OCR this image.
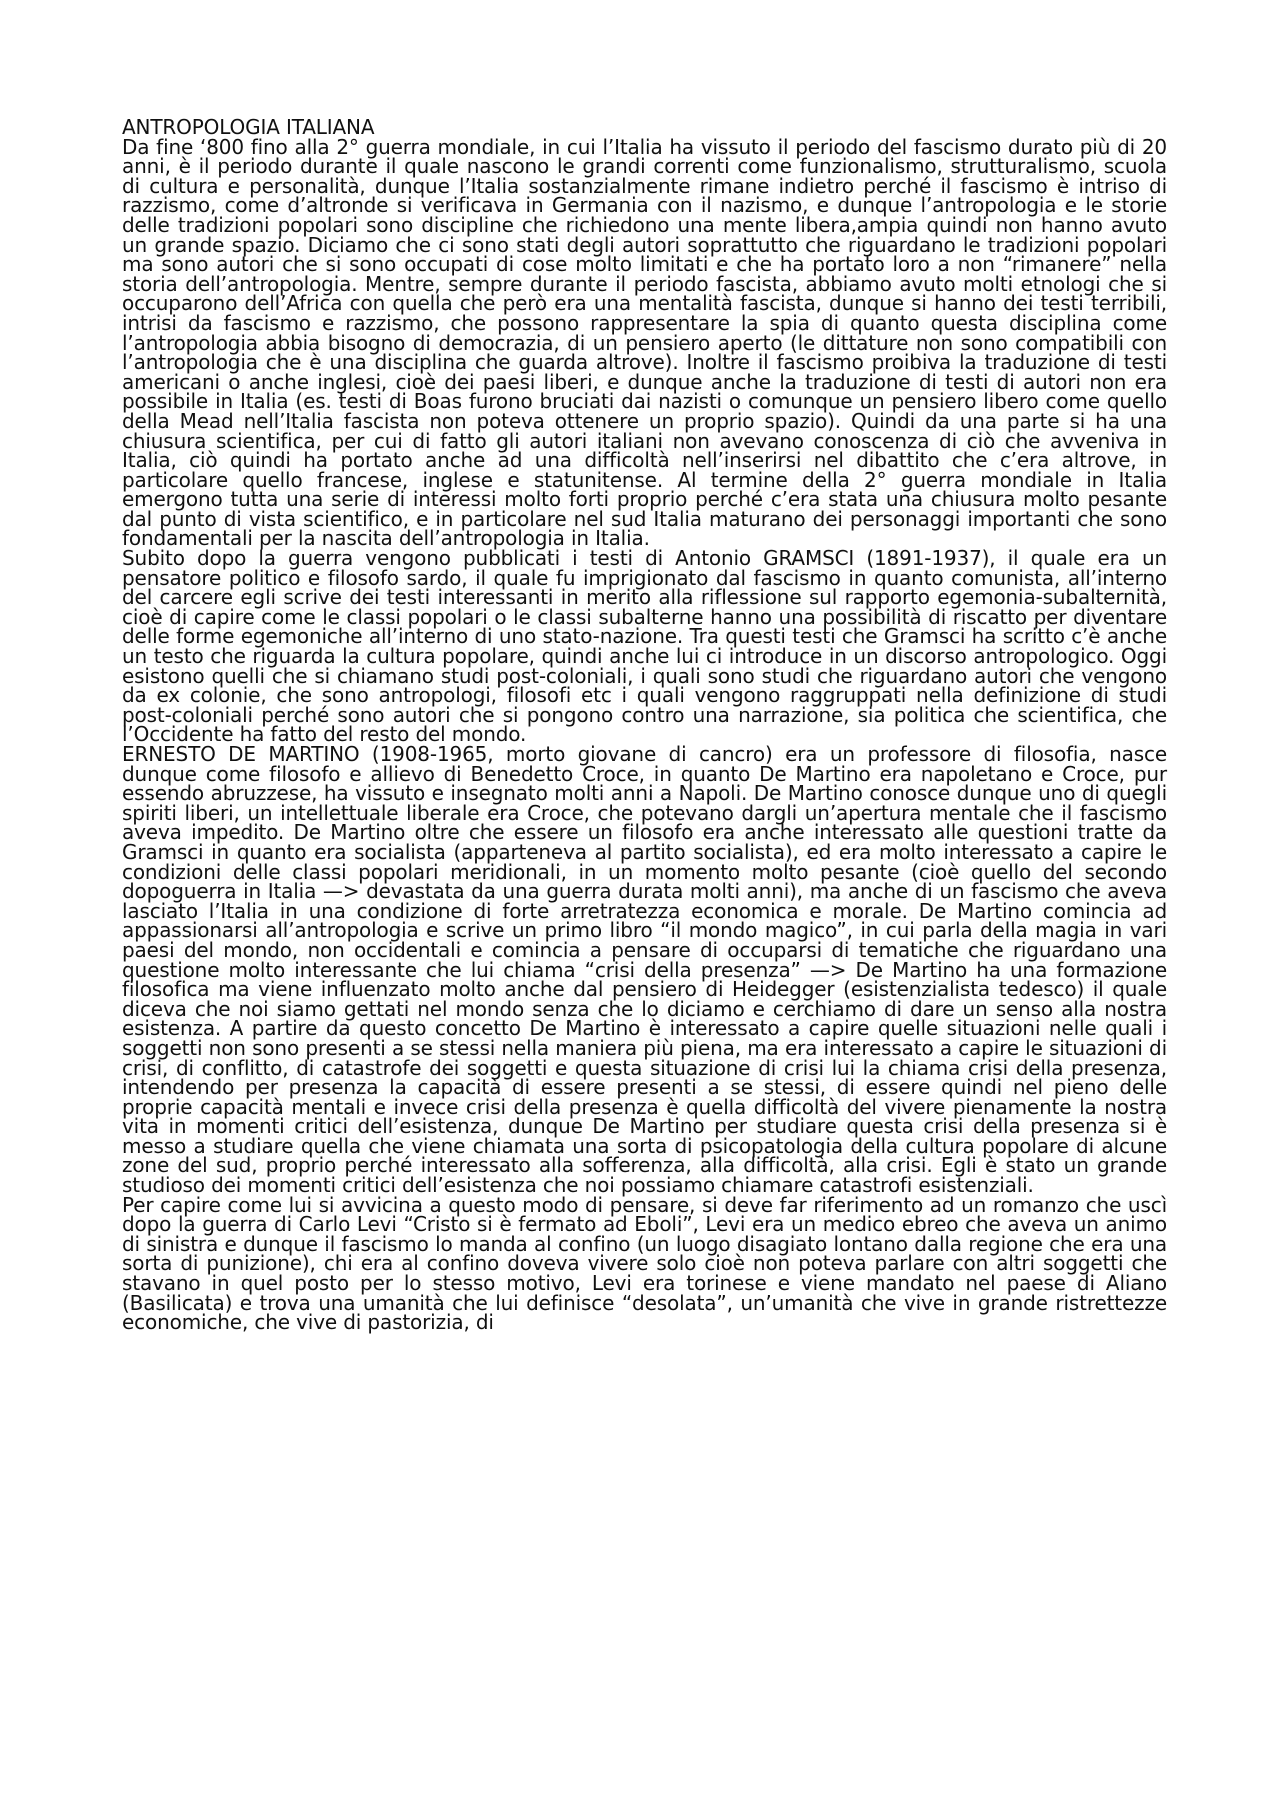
ANTROPOLOGIA ITALIANA

Da fine ‘800 fino alla 2° guerra mondiale, in cui l’Italia ha vissuto il periodo del fascismo durato più di 20 anni, è il periodo durante il quale nascono le grandi correnti come funzionalismo, strutturalismo, scuola di cultura e personalità, dunque l’Italia sostanzialmente rimane indietro perché il fascismo è intriso di razzismo, come d’altronde si verificava in Germania con il nazismo, e dunque l’antropologia e le storie delle tradizioni popolari sono discipline che richiedono una mente libera,ampia quindi non hanno avuto un grande spazio. Diciamo che ci sono stati degli autori soprattutto che riguardano le tradizioni popolari ma sono autori che si sono occupati di cose molto limitati e che ha portato loro a non “rimanere” nella storia dell’antropologia. Mentre, sempre durante il periodo fascista, abbiamo avuto molti etnologi che si occuparono dell’Africa con quella che però era una mentalità fascista, dunque si hanno dei testi terribili, intrisi da fascismo e razzismo, che possono rappresentare la spia di quanto questa disciplina come l’antropologia abbia bisogno di democrazia, di un pensiero aperto (le dittature non sono compatibili con l’antropologia che è una disciplina che guarda altrove). Inoltre il fascismo proibiva la traduzione di testi americani o anche inglesi, cioè dei paesi liberi, e dunque anche la traduzione di testi di autori non era possibile in Italia (es. testi di Boas furono bruciati dai nazisti o comunque un pensiero libero come quello della Mead nell’Italia fascista non poteva ottenere un proprio spazio). Quindi da una parte si ha una chiusura scientifica, per cui di fatto gli autori italiani non avevano conoscenza di ciò che avveniva in Italia, ciò quindi ha portato anche ad una difficoltà nell’inserirsi nel dibattito che c’era altrove, in particolare quello francese, inglese e statunitense. Al termine della 2° guerra mondiale in Italia emergono tutta una serie di interessi molto forti proprio perché c’era stata una chiusura molto pesante dal punto di vista scientifico, e in particolare nel sud Italia maturano dei personaggi importanti che sono fondamentali per la nascita dell’antropologia in Italia.

Subito dopo la guerra vengono pubblicati i testi di Antonio GRAMSCI (1891-1937), il quale era un pensatore politico e filosofo sardo, il quale fu imprigionato dal fascismo in quanto comunista, all’interno del carcere egli scrive dei testi interessanti in merito alla riflessione sul rapporto egemonia-subalternità, cioè di capire come le classi popolari o le classi subalterne hanno una possibilità di riscatto per diventare delle forme egemoniche all’interno di uno stato-nazione. Tra questi testi che Gramsci ha scritto c’è anche un testo che riguarda la cultura popolare, quindi anche lui ci introduce in un discorso antropologico. Oggi esistono quelli che si chiamano studi post-coloniali, i quali sono studi che riguardano autori che vengono da ex colonie, che sono antropologi, filosofi etc i quali vengono raggruppati nella definizione di studi post-coloniali perché sono autori che si pongono contro una narrazione, sia politica che scientifica, che l’Occidente ha fatto del resto del mondo.

ERNESTO DE MARTINO (1908-1965, morto giovane di cancro) era un professore di filosofia, nasce dunque come filosofo e allievo di Benedetto Croce, in quanto De Martino era napoletano e Croce, pur essendo abruzzese, ha vissuto e insegnato molti anni a Napoli. De Martino conosce dunque uno di quegli spiriti liberi, un intellettuale liberale era Croce, che potevano dargli un’apertura mentale che il fascismo aveva impedito. De Martino oltre che essere un filosofo era anche interessato alle questioni tratte da Gramsci in quanto era socialista (apparteneva al partito socialista), ed era molto interessato a capire le condizioni delle classi popolari meridionali, in un momento molto pesante (cioè quello del secondo dopoguerra in Italia —> devastata da una guerra durata molti anni), ma anche di un fascismo che aveva lasciato l’Italia in una condizione di forte arretratezza economica e morale. De Martino comincia ad appassionarsi all’antropologia e scrive un primo libro “il mondo magico”, in cui parla della magia in vari paesi del mondo, non occidentali e comincia a pensare di occuparsi di tematiche che riguardano una questione molto interessante che lui chiama “crisi della presenza” —> De Martino ha una formazione filosofica ma viene influenzato molto anche dal pensiero di Heidegger (esistenzialista tedesco) il quale diceva che noi siamo gettati nel mondo senza che lo diciamo e cerchiamo di dare un senso alla nostra esistenza. A partire da questo concetto De Martino è interessato a capire quelle situazioni nelle quali i soggetti non sono presenti a se stessi nella maniera più piena, ma era interessato a capire le situazioni di crisi, di conflitto, di catastrofe dei soggetti e questa situazione di crisi lui la chiama crisi della presenza, intendendo per presenza la capacità di essere presenti a se stessi, di essere quindi nel pieno delle proprie capacità mentali e invece crisi della presenza è quella difficoltà del vivere pienamente la nostra vita in momenti critici dell’esistenza, dunque De Martino per studiare questa crisi della presenza si è messo a studiare quella che viene chiamata una sorta di psicopatologia della cultura popolare di alcune zone del sud, proprio perché interessato alla sofferenza, alla difficoltà, alla crisi. Egli è stato un grande studioso dei momenti critici dell’esistenza che noi possiamo chiamare catastrofi esistenziali.

Per capire come lui si avvicina a questo modo di pensare, si deve far riferimento ad un romanzo che uscì dopo la guerra di Carlo Levi “Cristo si è fermato ad Eboli”, Levi era un medico ebreo che aveva un animo di sinistra e dunque il fascismo lo manda al confino (un luogo disagiato lontano dalla regione che era una sorta di punizione), chi era al confino doveva vivere solo cioè non poteva parlare con altri soggetti che stavano in quel posto per lo stesso motivo, Levi era torinese e viene mandato nel paese di Aliano (Basilicata) e trova una umanità che lui definisce “desolata”, un’umanità che vive in grande ristrettezze economiche, che vive di pastorizia, di
